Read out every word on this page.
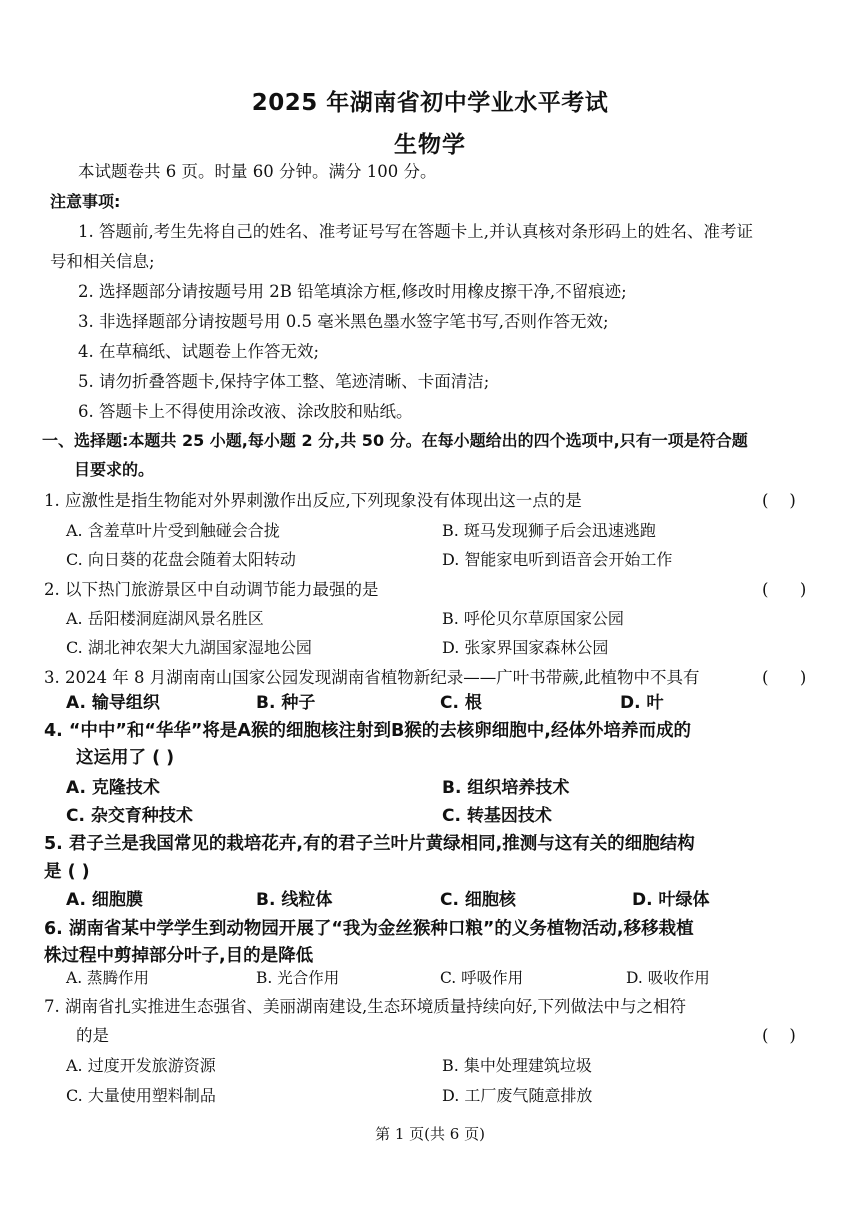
2025 年湖南省初中学业水平考试
生物学
本试题卷共 6 页。时量 60 分钟。满分 100 分。
注意事项:
1. 答题前,考生先将自己的姓名、准考证号写在答题卡上,并认真核对条形码上的姓名、准考证
号和相关信息;
2. 选择题部分请按题号用 2B 铅笔填涂方框,修改时用橡皮擦干净,不留痕迹;
3. 非选择题部分请按题号用 0.5 毫米黑色墨水签字笔书写,否则作答无效;
4. 在草稿纸、试题卷上作答无效;
5. 请勿折叠答题卡,保持字体工整、笔迹清晰、卡面清洁;
6. 答题卡上不得使用涂改液、涂改胶和贴纸。
一、选择题:本题共 25 小题,每小题 2 分,共 50 分。在每小题给出的四个选项中,只有一项是符合题
目要求的。
1. 应激性是指生物能对外界刺激作出反应,下列现象没有体现出这一点的是	(    )
A. 含羞草叶片受到触碰会合拢	B. 斑马发现狮子后会迅速逃跑
C. 向日葵的花盘会随着太阳转动	D. 智能家电听到语音会开始工作
2. 以下热门旅游景区中自动调节能力最强的是	(      )
A. 岳阳楼洞庭湖风景名胜区	B. 呼伦贝尔草原国家公园
C. 湖北神农架大九湖国家湿地公园	D. 张家界国家森林公园
3. 2024 年 8 月湖南南山国家公园发现湖南省植物新纪录——广叶书带蕨,此植物中不具有	(      )
A. 输导组织	B. 种子	C. 根	D. 叶
4. “中中”和“华华”将是A猴的细胞核注射到B猴的去核卵细胞中,经体外培养而成的
这运用了 ( )
A. 克隆技术	B. 组织培养技术
C. 杂交育种技术	C. 转基因技术
5. 君子兰是我国常见的栽培花卉,有的君子兰叶片黄绿相同,推测与这有关的细胞结构
是 ( )
A. 细胞膜	B. 线粒体	C. 细胞核	D. 叶绿体
6. 湖南省某中学学生到动物园开展了“我为金丝猴种口粮”的义务植物活动,移移栽植
株过程中剪掉部分叶子,目的是降低
A. 蒸腾作用	B. 光合作用	C. 呼吸作用	D. 吸收作用
7. 湖南省扎实推进生态强省、美丽湖南建设,生态环境质量持续向好,下列做法中与之相符
的是	(    )
A. 过度开发旅游资源	B. 集中处理建筑垃圾
C. 大量使用塑料制品	D. 工厂废气随意排放
第 1 页(共 6 页)
